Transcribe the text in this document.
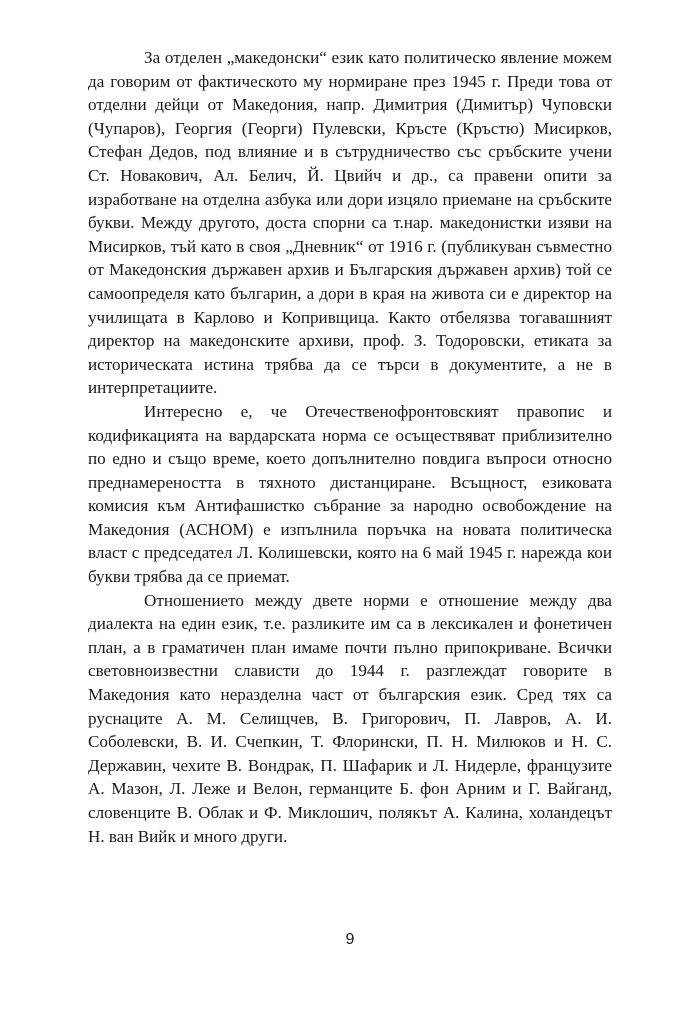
За отделен „македонски“ език като политическо явление можем да говорим от фактическото му нормиране през 1945 г. Преди това от отделни дейци от Македония, напр. Димитрия (Димитър) Чуповски (Чупаров), Георгия (Георги) Пулевски, Кръсте (Кръстю) Мисирков, Стефан Дедов, под влияние и в сътрудничество със сръбските учени Ст. Новакович, Ал. Белич, Й. Цвийч и др., са правени опити за изработване на отделна азбука или дори изцяло приемане на сръбските букви. Между другото, доста спорни са т.нар. македонистки изяви на Мисирков, тъй като в своя „Дневник“ от 1916 г. (публикуван съвместно от Македонския държавен архив и Българския държавен архив) той се самоопределя като българин, а дори в края на живота си е директор на училищата в Карлово и Копривщица. Както отбелязва тогавашният директор на македонските архиви, проф. З. Тодоровски, етиката за историческата истина трябва да се търси в документите, а не в интерпретациите.

Интересно е, че Отечественофронтовският правопис и кодификацията на вардарската норма се осъществяват приблизително по едно и също време, което допълнително повдига въпроси относно преднамереността в тяхното дистанциране. Всъщност, езиковата комисия към Антифашистко събрание за народно освобождение на Македония (АСНОМ) е изпълнила поръчка на новата политическа власт с председател Л. Колишевски, която на 6 май 1945 г. нарежда кои букви трябва да се приемат.

Отношението между двете норми е отношение между два диалекта на един език, т.е. разликите им са в лексикален и фонетичен план, а в граматичен план имаме почти пълно припокриване. Всички световноизвестни слависти до 1944 г. разглеждат говорите в Македония като неразделна част от българския език. Сред тях са руснаците А. М. Селищчев, В. Григорович, П. Лавров, А. И. Соболевски, В. И. Счепкин, Т. Флорински, П. Н. Милюков и Н. С. Державин, чехите В. Вондрак, П. Шафарик и Л. Нидерле, французите А. Мазон, Л. Леже и Велон, германците Б. фон Арним и Г. Вайганд, словенците В. Облак и Ф. Миклошич, полякът А. Калина, холандецът Н. ван Вийк и много други.

9
